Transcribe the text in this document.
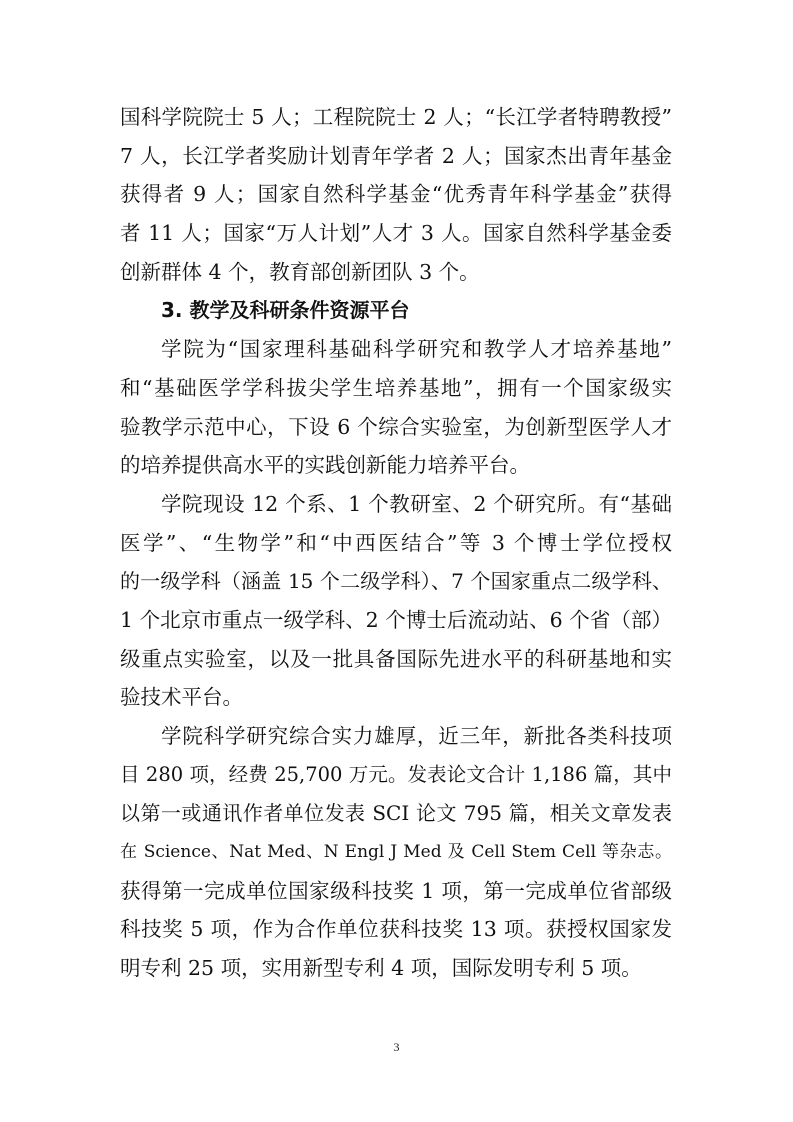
国科学院院士 5 人；工程院院士 2 人；“长江学者特聘教授”
7 人，长江学者奖励计划青年学者 2 人；国家杰出青年基金
获得者 9 人；国家自然科学基金“优秀青年科学基金”获得
者 11 人；国家“万人计划”人才 3 人。国家自然科学基金委
创新群体 4 个，教育部创新团队 3 个。
3. 教学及科研条件资源平台
学院为“国家理科基础科学研究和教学人才培养基地”
和“基础医学学科拔尖学生培养基地”，拥有一个国家级实
验教学示范中心，下设 6 个综合实验室，为创新型医学人才
的培养提供高水平的实践创新能力培养平台。
学院现设 12 个系、1 个教研室、2 个研究所。有“基础
医学”、“生物学”和“中西医结合”等 3 个博士学位授权
的一级学科（涵盖 15 个二级学科）、7 个国家重点二级学科、
1 个北京市重点一级学科、2 个博士后流动站、6 个省（部）
级重点实验室，以及一批具备国际先进水平的科研基地和实
验技术平台。
学院科学研究综合实力雄厚，近三年，新批各类科技项
目 280 项，经费 25,700 万元。发表论文合计 1,186 篇，其中
以第一或通讯作者单位发表 SCI 论文 795 篇，相关文章发表
在 Science、Nat Med、N Engl J Med 及 Cell Stem Cell 等杂志。
获得第一完成单位国家级科技奖 1 项，第一完成单位省部级
科技奖 5 项，作为合作单位获科技奖 13 项。获授权国家发
明专利 25 项，实用新型专利 4 项，国际发明专利 5 项。
3
